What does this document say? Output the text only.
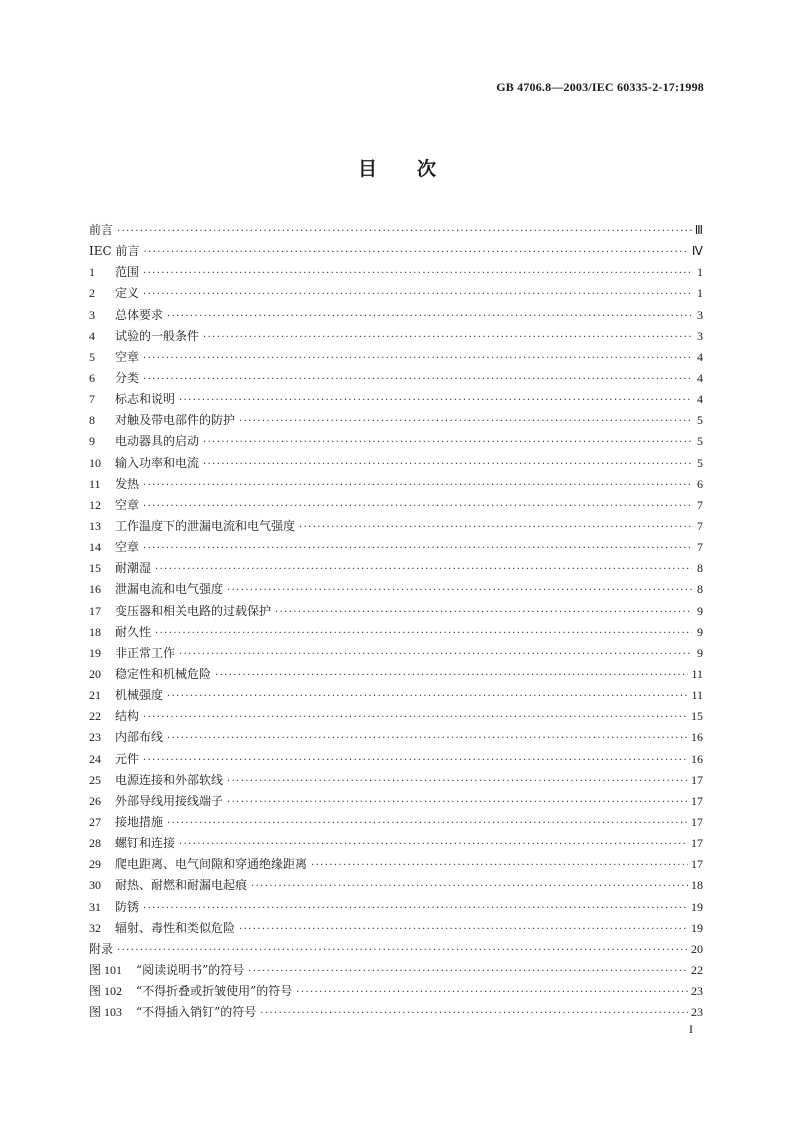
GB 4706.8—2003/IEC 60335-2-17:1998
目 次
前言 ·····	Ⅲ
IEC 前言 ·····	Ⅳ
1	范围 ·····	1
2	定义 ·····	1
3	总体要求 ·····	3
4	试验的一般条件 ·····	3
5	空章 ·····	4
6	分类 ·····	4
7	标志和说明 ·····	4
8	对触及带电部件的防护 ·····	5
9	电动器具的启动 ·····	5
10	输入功率和电流 ·····	5
11	发热 ·····	6
12	空章 ·····	7
13	工作温度下的泄漏电流和电气强度 ·····	7
14	空章 ·····	7
15	耐潮湿 ·····	8
16	泄漏电流和电气强度 ·····	8
17	变压器和相关电路的过载保护 ·····	9
18	耐久性 ·····	9
19	非正常工作 ·····	9
20	稳定性和机械危险 ·····	11
21	机械强度 ·····	11
22	结构 ·····	15
23	内部布线 ·····	16
24	元件 ·····	16
25	电源连接和外部软线 ·····	17
26	外部导线用接线端子 ·····	17
27	接地措施 ·····	17
28	螺钉和连接 ·····	17
29	爬电距离、电气间隙和穿通绝缘距离 ·····	17
30	耐热、耐燃和耐漏电起痕 ·····	18
31	防锈 ·····	19
32	辐射、毒性和类似危险 ·····	19
附录 ·····	20
图 101	“阅读说明书”的符号 ·····	22
图 102	“不得折叠或折皱使用”的符号 ·····	23
图 103	“不得插入销钉”的符号 ·····	23
I
